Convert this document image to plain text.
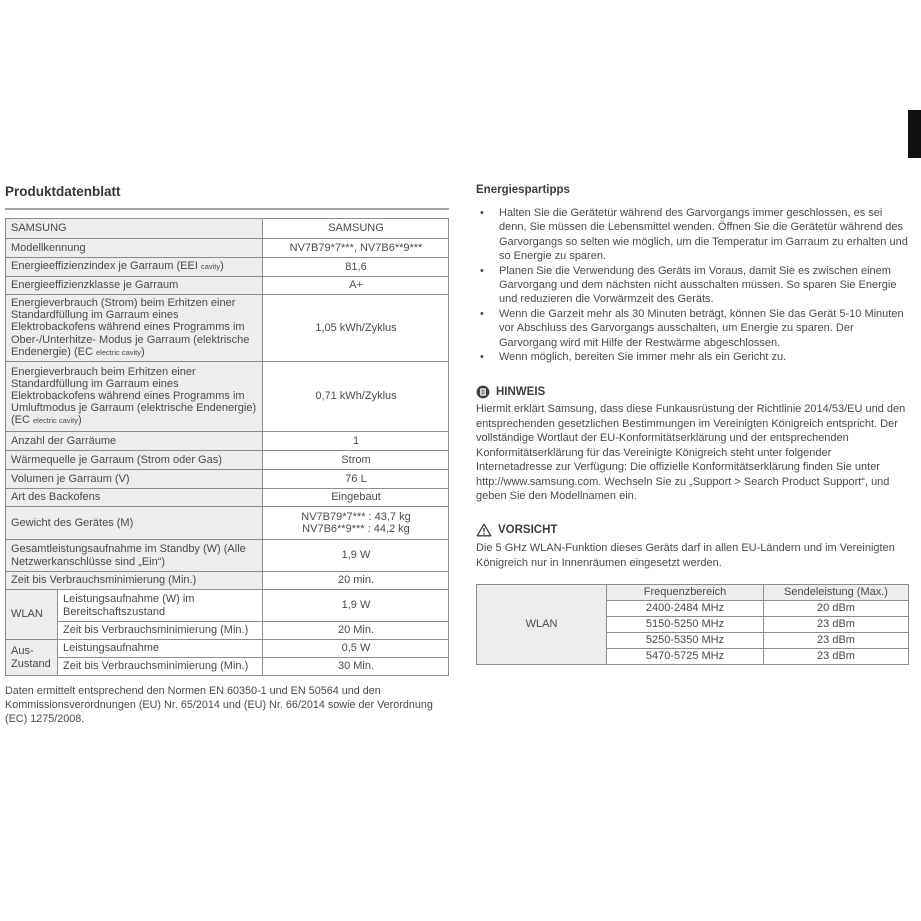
Produktdatenblatt
SAMSUNG		SAMSUNG
Modellkennung		NV7B79*7***, NV7B6**9***
Energieeffizienzindex je Garraum (EEI cavity)		81,6
Energieeffizienzklasse je Garraum		A+
Energieverbrauch (Strom) beim Erhitzen einer Standardfüllung im Garraum eines Elektrobackofens während eines Programms im Ober-/Unterhitze- Modus je Garraum (elektrische Endenergie) (EC electric cavity)		1,05 kWh/Zyklus
Energieverbrauch beim Erhitzen einer Standardfüllung im Garraum eines Elektrobackofens während eines Programms im Umluftmodus je Garraum (elektrische Endenergie) (EC electric cavity)		0,71 kWh/Zyklus
Anzahl der Garräume		1
Wärmequelle je Garraum (Strom oder Gas)		Strom
Volumen je Garraum (V)		76 L
Art des Backofens		Eingebaut
Gewicht des Gerätes (M)		NV7B79*7*** : 43,7 kg
NV7B6**9*** : 44,2 kg

Gesamtleistungsaufnahme im Standby (W) (Alle Netzwerkanschlüsse sind „Ein“)		1,9 W
Zeit bis Verbrauchsminimierung (Min.)		20 min.
WLAN	Leistungsaufnahme (W) im Bereitschaftszustand	1,9 W
	Zeit bis Verbrauchsminimierung (Min.)	20 Min.
Aus-Zustand	Leistungsaufnahme	0,5 W
	Zeit bis Verbrauchsminimierung (Min.)	30 Min.
Daten ermittelt entsprechend den Normen EN 60350-1 und EN 50564 und den Kommissionsverordnungen (EU) Nr. 65/2014 und (EU) Nr. 66/2014 sowie der Verordnung (EC) 1275/2008.
Energiespartipps
• Halten Sie die Gerätetür während des Garvorgangs immer geschlossen, es sei denn, Sie müssen die Lebensmittel wenden. Öffnen Sie die Gerätetür während des Garvorgangs so selten wie möglich, um die Temperatur im Garraum zu erhalten und so Energie zu sparen.
• Planen Sie die Verwendung des Geräts im Voraus, damit Sie es zwischen einem Garvorgang und dem nächsten nicht ausschalten müssen. So sparen Sie Energie und reduzieren die Vorwärmzeit des Geräts.
• Wenn die Garzeit mehr als 30 Minuten beträgt, können Sie das Gerät 5-10 Minuten vor Abschluss des Garvorgangs ausschalten, um Energie zu sparen. Der Garvorgang wird mit Hilfe der Restwärme abgeschlossen.
• Wenn möglich, bereiten Sie immer mehr als ein Gericht zu.
HINWEIS
Hiermit erklärt Samsung, dass diese Funkausrüstung der Richtlinie 2014/53/EU und den entsprechenden gesetzlichen Bestimmungen im Vereinigten Königreich entspricht. Der vollständige Wortlaut der EU-Konformitätserklärung und der entsprechenden Konformitätserklärung für das Vereinigte Königreich steht unter folgender Internetadresse zur Verfügung: Die offizielle Konformitätserklärung finden Sie unter http://www.samsung.com. Wechseln Sie zu „Support > Search Product Support“, und geben Sie den Modellnamen ein.
VORSICHT
Die 5 GHz WLAN-Funktion dieses Geräts darf in allen EU-Ländern und im Vereinigten Königreich nur in Innenräumen eingesetzt werden.
WLAN	Frequenzbereich	Sendeleistung (Max.)
	2400-2484 MHz	20 dBm
	5150-5250 MHz	23 dBm
	5250-5350 MHz	23 dBm
	5470-5725 MHz	23 dBm
